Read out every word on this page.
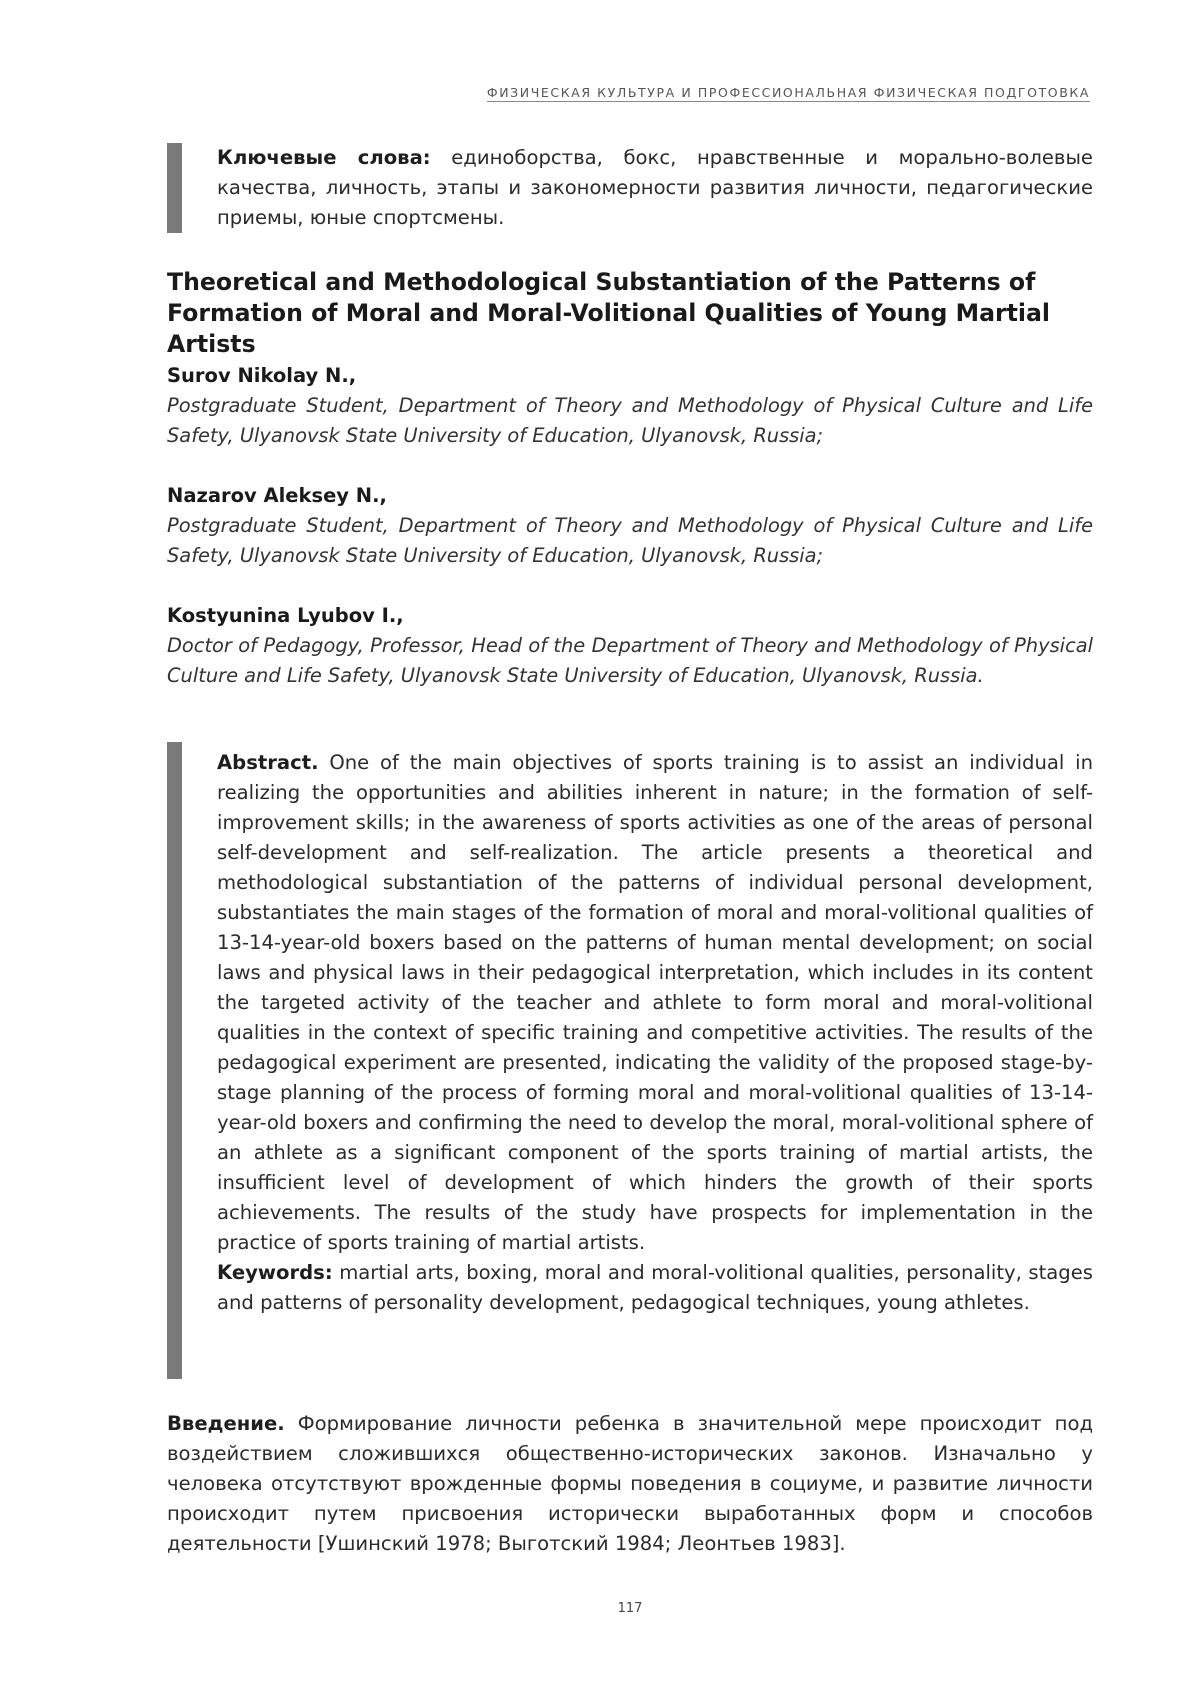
ФИЗИЧЕСКАЯ КУЛЬТУРА И ПРОФЕССИОНАЛЬНАЯ ФИЗИЧЕСКАЯ ПОДГОТОВКА
Ключевые слова: единоборства, бокс, нравственные и морально-волевые качества, личность, этапы и закономерности развития личности, педагогические приемы, юные спортсмены.
Theoretical and Methodological Substantiation of the Patterns of Formation of Moral and Moral-Volitional Qualities of Young Martial Artists
Surov Nikolay N.,
Postgraduate Student, Department of Theory and Methodology of Physical Culture and Life Safety, Ulyanovsk State University of Education, Ulyanovsk, Russia;
Nazarov Aleksey N.,
Postgraduate Student, Department of Theory and Methodology of Physical Culture and Life Safety, Ulyanovsk State University of Education, Ulyanovsk, Russia;
Kostyunina Lyubov I.,
Doctor of Pedagogy, Professor, Head of the Department of Theory and Methodology of Physical Culture and Life Safety, Ulyanovsk State University of Education, Ulyanovsk, Russia.

Abstract. One of the main objectives of sports training is to assist an individual in realizing the opportunities and abilities inherent in nature; in the formation of self-improvement skills; in the awareness of sports activities as one of the areas of personal self-development and self-realization. The article presents a theoretical and methodological substantiation of the patterns of individual personal development, substantiates the main stages of the formation of moral and moral-volitional qualities of 13-14-year-old boxers based on the patterns of human mental development; on social laws and physical laws in their pedagogical interpretation, which includes in its content the targeted activity of the teacher and athlete to form moral and moral-volitional qualities in the context of specific training and competitive activities. The results of the pedagogical experiment are presented, indicating the validity of the proposed stage-by-stage planning of the process of forming moral and moral-volitional qualities of 13-14-year-old boxers and confirming the need to develop the moral, moral-volitional sphere of an athlete as a significant component of the sports training of martial artists, the insufficient level of development of which hinders the growth of their sports achievements. The results of the study have prospects for implementation in the practice of sports training of martial artists.

Keywords: martial arts, boxing, moral and moral-volitional qualities, personality, stages and patterns of personality development, pedagogical techniques, young athletes.

Введение. Формирование личности ребенка в значительной мере происходит под воздействием сложившихся общественно-исторических законов. Изначально у человека отсутствуют врожденные формы поведения в социуме, и развитие личности происходит путем присвоения исторически выработанных форм и способов деятельности [Ушинский 1978; Выготский 1984; Леонтьев 1983].

117
